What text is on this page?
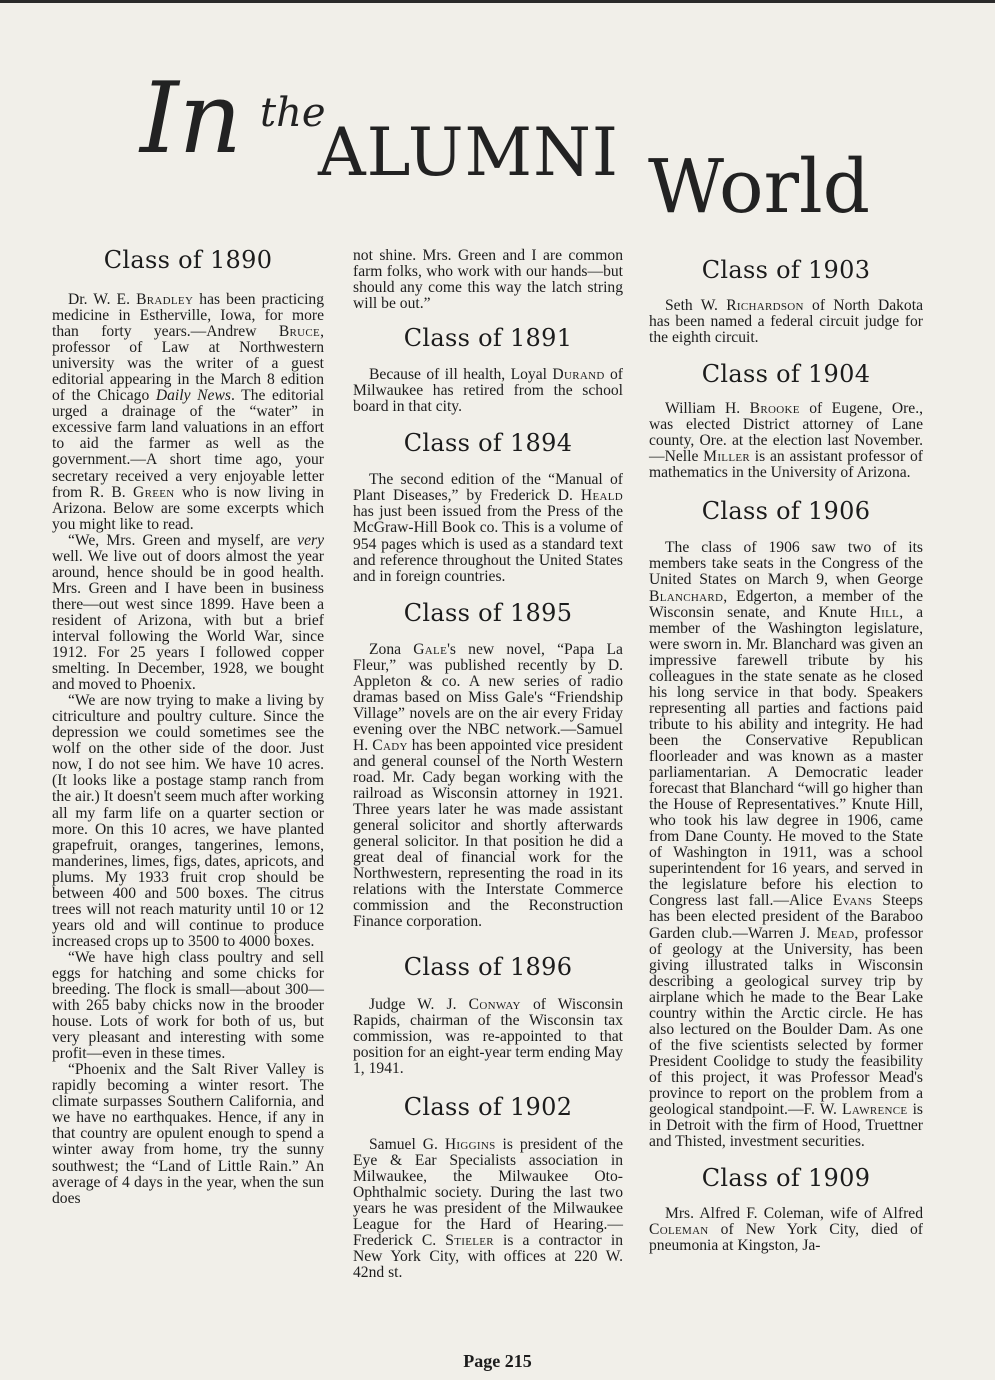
In the
ALUMNI World
Class of 1890

Dr. W. E. Bradley has been practicing medicine in Estherville, Iowa, for more than forty years.—Andrew Bruce, professor of Law at Northwestern university was the writer of a guest editorial appearing in the March 8 edition of the Chicago Daily News. The editorial urged a drainage of the “water” in excessive farm land valuations in an effort to aid the farmer as well as the government.—A short time ago, your secretary received a very enjoyable letter from R. B. Green who is now living in Arizona. Below are some excerpts which you might like to read.

“We, Mrs. Green and myself, are very well. We live out of doors almost the year around, hence should be in good health. Mrs. Green and I have been in business there—out west since 1899. Have been a resident of Arizona, with but a brief interval following the World War, since 1912. For 25 years I followed copper smelting. In December, 1928, we bought and moved to Phoenix.

“We are now trying to make a living by citriculture and poultry culture. Since the depression we could sometimes see the wolf on the other side of the door. Just now, I do not see him. We have 10 acres. (It looks like a postage stamp ranch from the air.) It doesn't seem much after working all my farm life on a quarter section or more. On this 10 acres, we have planted grapefruit, oranges, tangerines, lemons, manderines, limes, figs, dates, apricots, and plums. My 1933 fruit crop should be between 400 and 500 boxes. The citrus trees will not reach maturity until 10 or 12 years old and will continue to produce increased crops up to 3500 to 4000 boxes.

“We have high class poultry and sell eggs for hatching and some chicks for breeding. The flock is small—about 300—with 265 baby chicks now in the brooder house. Lots of work for both of us, but very pleasant and interesting with some profit—even in these times.

“Phoenix and the Salt River Valley is rapidly becoming a winter resort. The climate surpasses Southern California, and we have no earthquakes. Hence, if any in that country are opulent enough to spend a winter away from home, try the sunny southwest; the “Land of Little Rain.” An average of 4 days in the year, when the sun does

not shine. Mrs. Green and I are common farm folks, who work with our hands—but should any come this way the latch string will be out.”

Class of 1891

Because of ill health, Loyal Durand of Milwaukee has retired from the school board in that city.

Class of 1894

The second edition of the “Manual of Plant Diseases,” by Frederick D. Heald has just been issued from the Press of the McGraw-Hill Book co. This is a volume of 954 pages which is used as a standard text and reference throughout the United States and in foreign countries.

Class of 1895

Zona Gale's new novel, “Papa La Fleur,” was published recently by D. Appleton & co. A new series of radio dramas based on Miss Gale's “Friendship Village” novels are on the air every Friday evening over the NBC network.—Samuel H. Cady has been appointed vice president and general counsel of the North Western road. Mr. Cady began working with the railroad as Wisconsin attorney in 1921. Three years later he was made assistant general solicitor and shortly afterwards general solicitor. In that position he did a great deal of financial work for the Northwestern, representing the road in its relations with the Interstate Commerce commission and the Reconstruction Finance corporation.

Class of 1896

Judge W. J. Conway of Wisconsin Rapids, chairman of the Wisconsin tax commission, was re-appointed to that position for an eight-year term ending May 1, 1941.

Class of 1902

Samuel G. Higgins is president of the Eye & Ear Specialists association in Milwaukee, the Milwaukee Oto-Ophthalmic society. During the last two years he was president of the Milwaukee League for the Hard of Hearing.—Frederick C. Stieler is a contractor in New York City, with offices at 220 W. 42nd st.

Class of 1903

Seth W. Richardson of North Dakota has been named a federal circuit judge for the eighth circuit.

Class of 1904

William H. Brooke of Eugene, Ore., was elected District attorney of Lane county, Ore. at the election last November.—Nelle Miller is an assistant professor of mathematics in the University of Arizona.

Class of 1906

The class of 1906 saw two of its members take seats in the Congress of the United States on March 9, when George Blanchard, Edgerton, a member of the Wisconsin senate, and Knute Hill, a member of the Washington legislature, were sworn in. Mr. Blanchard was given an impressive farewell tribute by his colleagues in the state senate as he closed his long service in that body. Speakers representing all parties and factions paid tribute to his ability and integrity. He had been the Conservative Republican floorleader and was known as a master parliamentarian. A Democratic leader forecast that Blanchard “will go higher than the House of Representatives.” Knute Hill, who took his law degree in 1906, came from Dane County. He moved to the State of Washington in 1911, was a school superintendent for 16 years, and served in the legislature before his election to Congress last fall.—Alice Evans Steeps has been elected president of the Baraboo Garden club.—Warren J. Mead, professor of geology at the University, has been giving illustrated talks in Wisconsin describing a geological survey trip by airplane which he made to the Bear Lake country within the Arctic circle. He has also lectured on the Boulder Dam. As one of the five scientists selected by former President Coolidge to study the feasibility of this project, it was Professor Mead's province to report on the problem from a geological standpoint.—F. W. Lawrence is in Detroit with the firm of Hood, Truettner and Thisted, investment securities.

Class of 1909

Mrs. Alfred F. Coleman, wife of Alfred Coleman of New York City, died of pneumonia at Kingston, Ja-

Page 215
